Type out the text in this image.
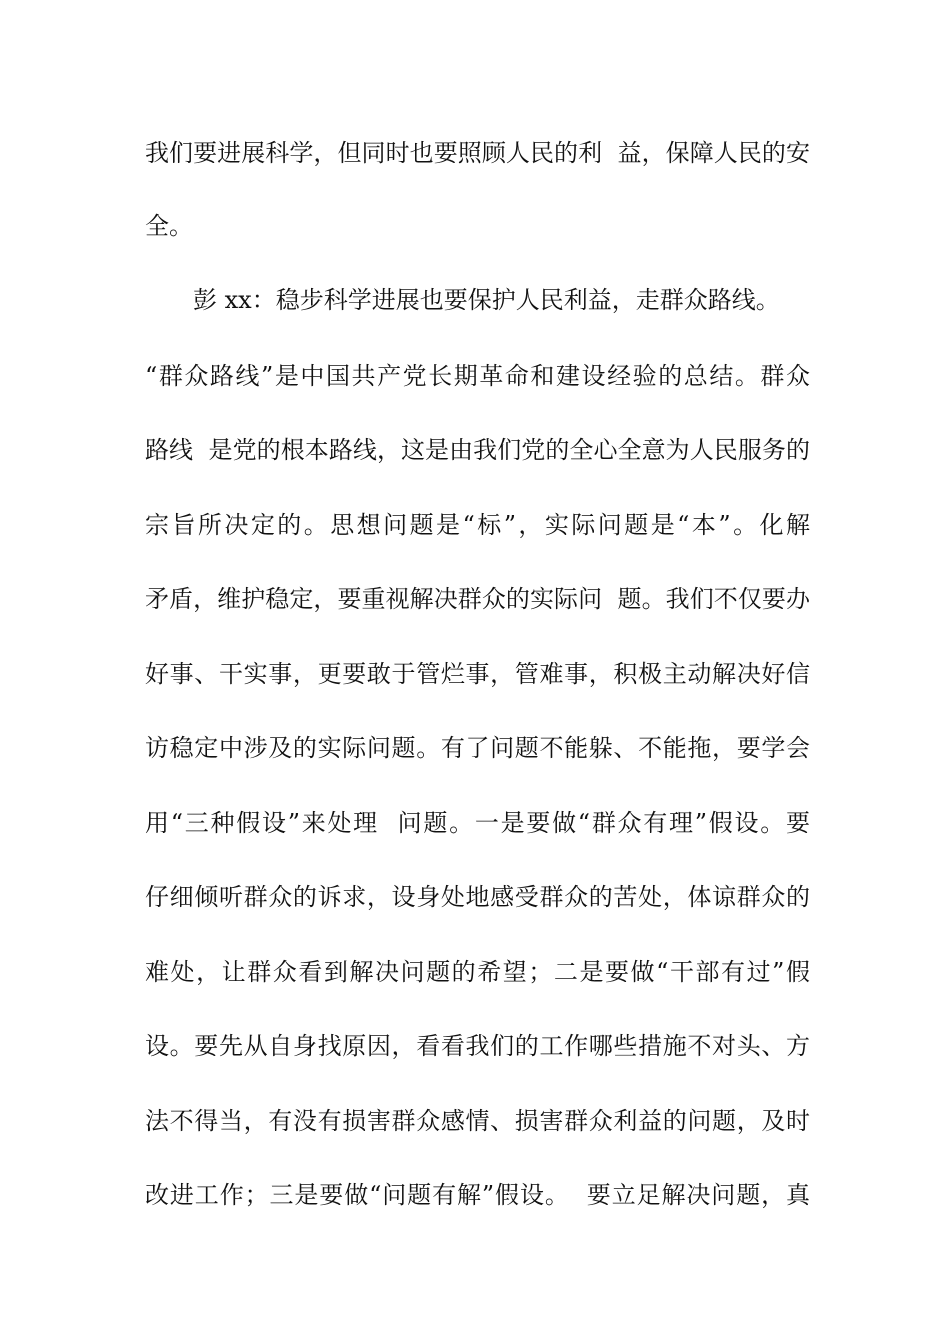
我们要进展科学，但同时也要照顾人民的利  益，保障人民的安
全。
彭 xx：稳步科学进展也要保护人民利益，走群众路线。
“群众路线”是中国共产党长期革命和建设经验的总结。群众
路线  是党的根本路线，这是由我们党的全心全意为人民服务的
宗旨所决定的。思想问题是“标”，实际问题是“本”。化解
矛盾，维护稳定，要重视解决群众的实际问  题。我们不仅要办
好事、干实事，更要敢于管烂事，管难事，积极主动解决好信
访稳定中涉及的实际问题。有了问题不能躲、不能拖，要学会
用“三种假设”来处理  问题。一是要做“群众有理”假设。要
仔细倾听群众的诉求，设身处地感受群众的苦处，体谅群众的
难处，让群众看到解决问题的希望；二是要做“干部有过”假
设。要先从自身找原因，看看我们的工作哪些措施不对头、方
法不得当，有没有损害群众感情、损害群众利益的问题，及时
改进工作；三是要做“问题有解”假设。  要立足解决问题，真
